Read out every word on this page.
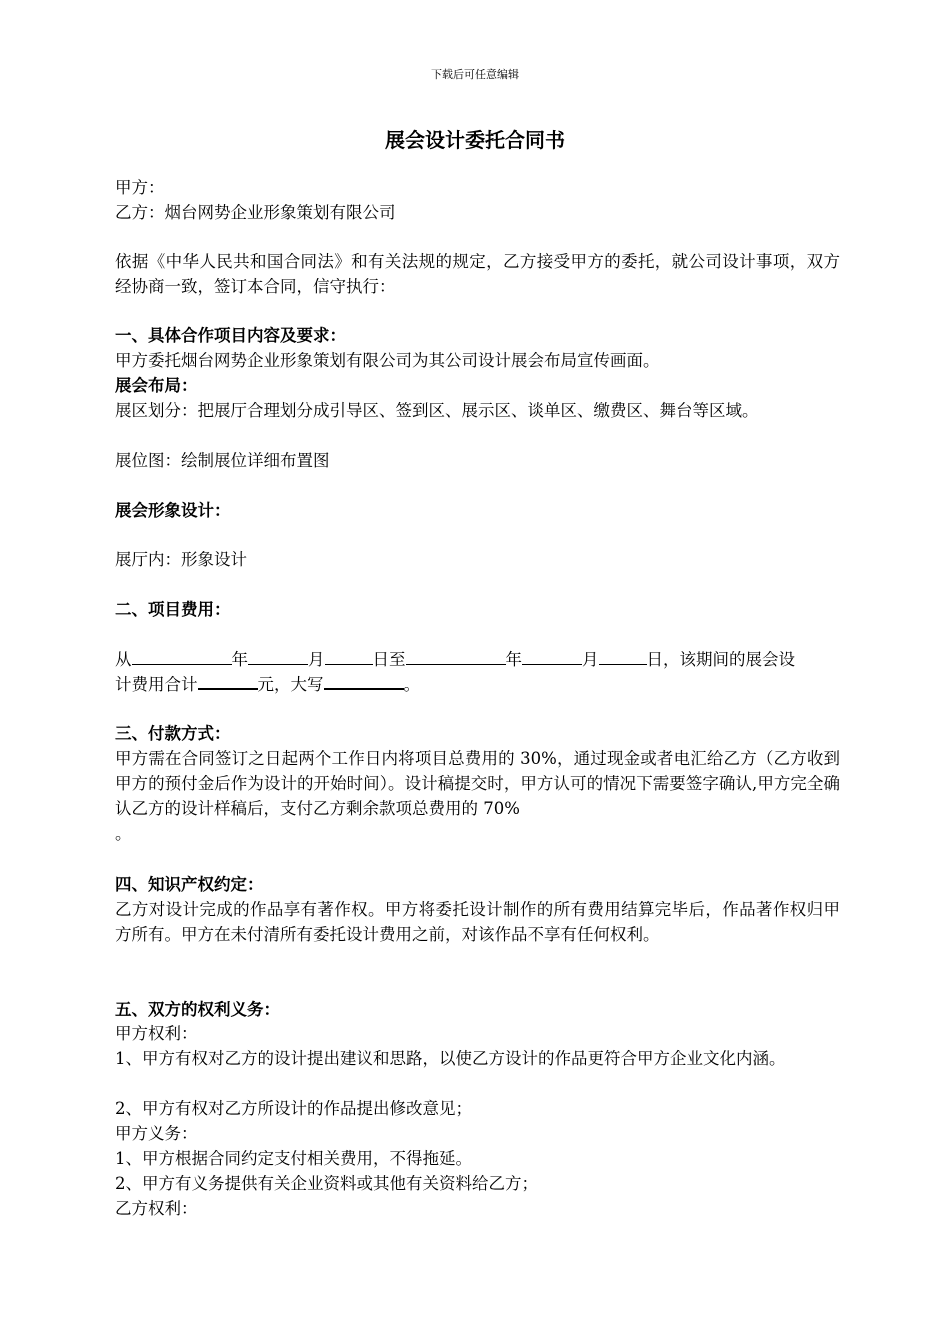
下载后可任意编辑
展会设计委托合同书
甲方：
乙方：烟台网势企业形象策划有限公司
依据《中华人民共和国合同法》和有关法规的规定，乙方接受甲方的委托，就公司设计事项，双方经协商一致，签订本合同，信守执行：
一、具体合作项目内容及要求：
甲方委托烟台网势企业形象策划有限公司为其公司设计展会布局宣传画面。
展会布局：
展区划分：把展厅合理划分成引导区、签到区、展示区、谈单区、缴费区、舞台等区域。
展位图：绘制展位详细布置图
展会形象设计：
展厅内：形象设计
二、项目费用：
从	年	月	日至	年	月	日，该期间的展会设
计费用合计	元，大写	。
三、付款方式：
甲方需在合同签订之日起两个工作日内将项目总费用的 30%，通过现金或者电汇给乙方（乙方收到甲方的预付金后作为设计的开始时间）。设计稿提交时，甲方认可的情况下需要签字确认,甲方完全确认乙方的设计样稿后，支付乙方剩余款项总费用的 70%
。
四、知识产权约定：
乙方对设计完成的作品享有著作权。甲方将委托设计制作的所有费用结算完毕后，作品著作权归甲方所有。甲方在未付清所有委托设计费用之前，对该作品不享有任何权利。
五、双方的权利义务：
甲方权利：
1、甲方有权对乙方的设计提出建议和思路，以使乙方设计的作品更符合甲方企业文化内涵。
2、甲方有权对乙方所设计的作品提出修改意见；
甲方义务：
1、甲方根据合同约定支付相关费用，不得拖延。
2、甲方有义务提供有关企业资料或其他有关资料给乙方；
乙方权利：
